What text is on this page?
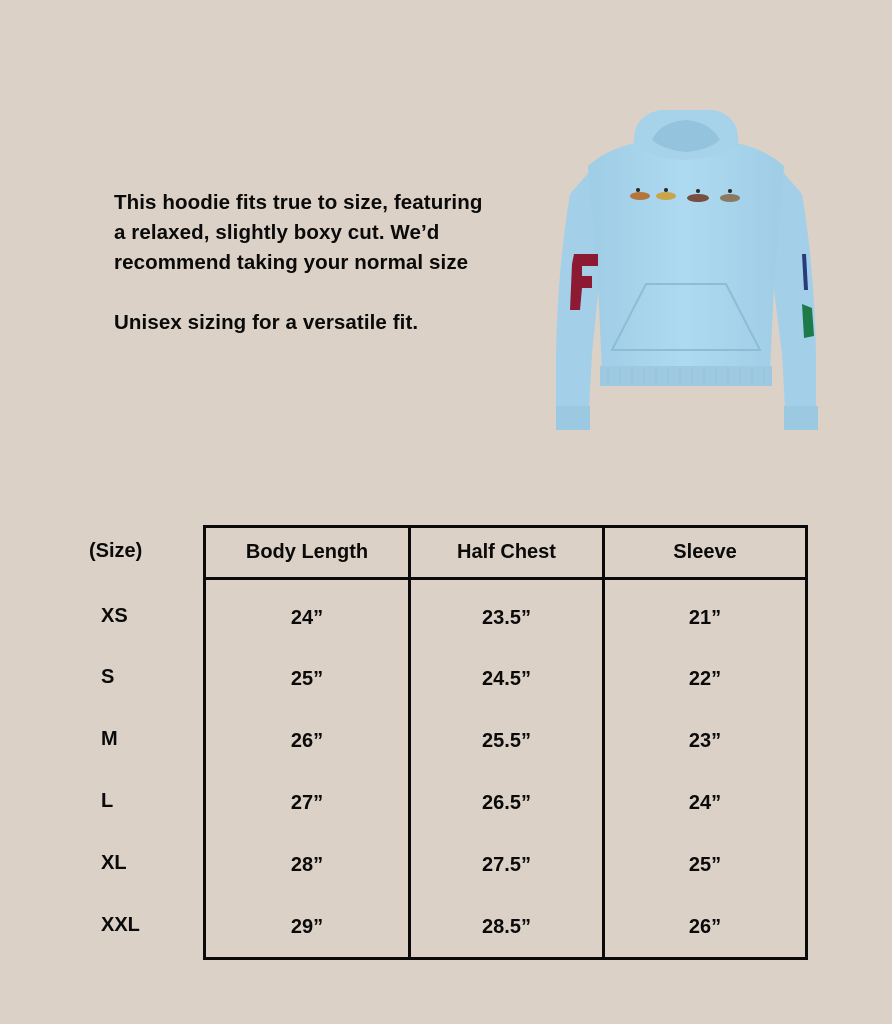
This hoodie fits true to size, featuring

a relaxed, slightly boxy cut. We’d

recommend taking your normal size

Unisex sizing for a versatile fit.

(Size)
XS
S
M
L
XL
XXL
Body Length	Half Chest	Sleeve
24”
25”
26”
27”
28”
29”
23.5”
24.5”
25.5”
26.5”
27.5”
28.5”
21”
22”
23”
24”
25”
26”
